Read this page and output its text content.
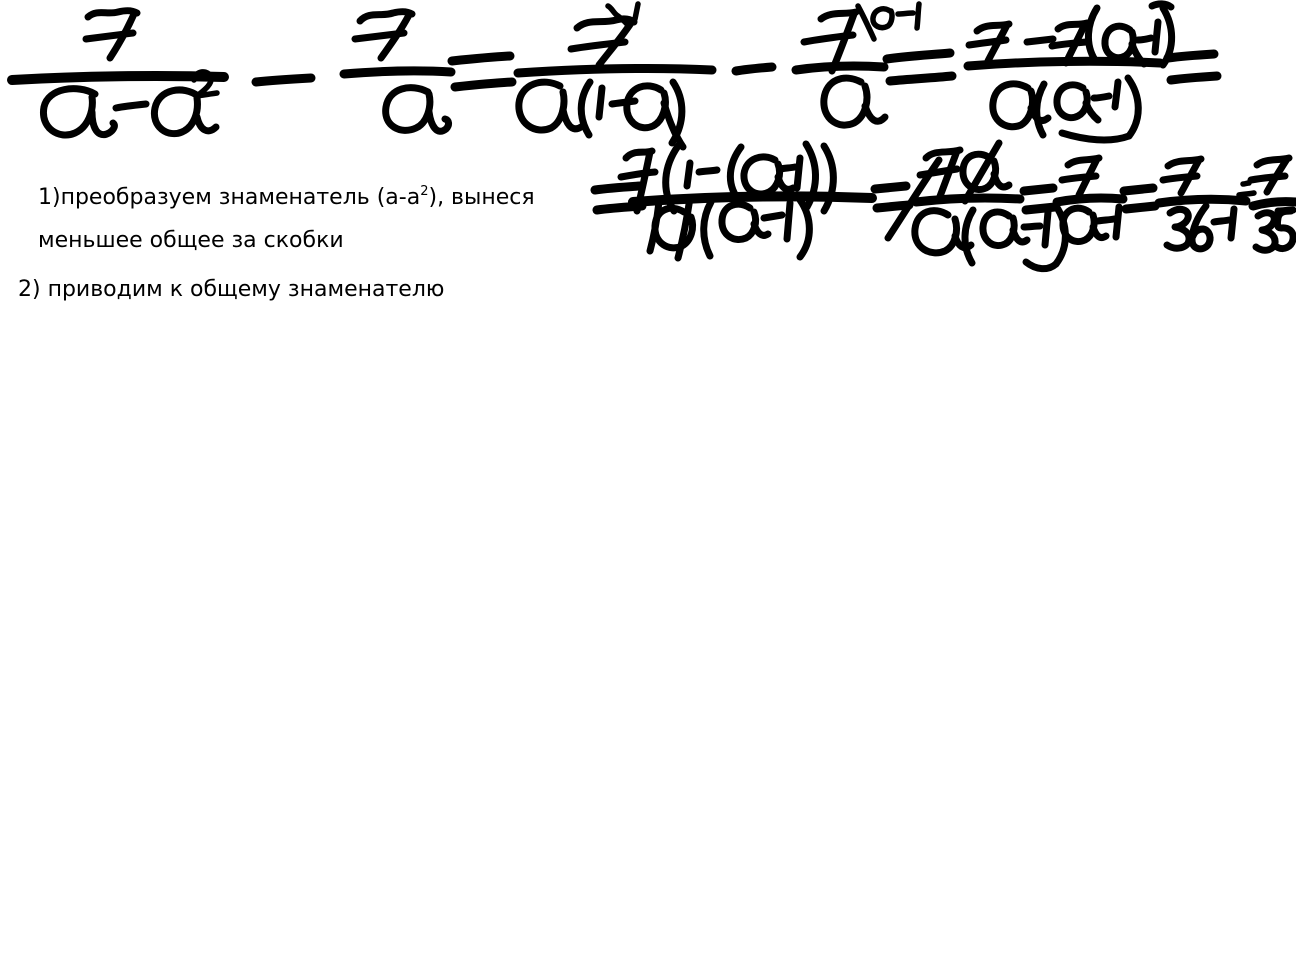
1)преобразуем знаменатель $(a-a^2)$, вынеся
меньшее общее за скобки
2) приводим к общему знаменателю
